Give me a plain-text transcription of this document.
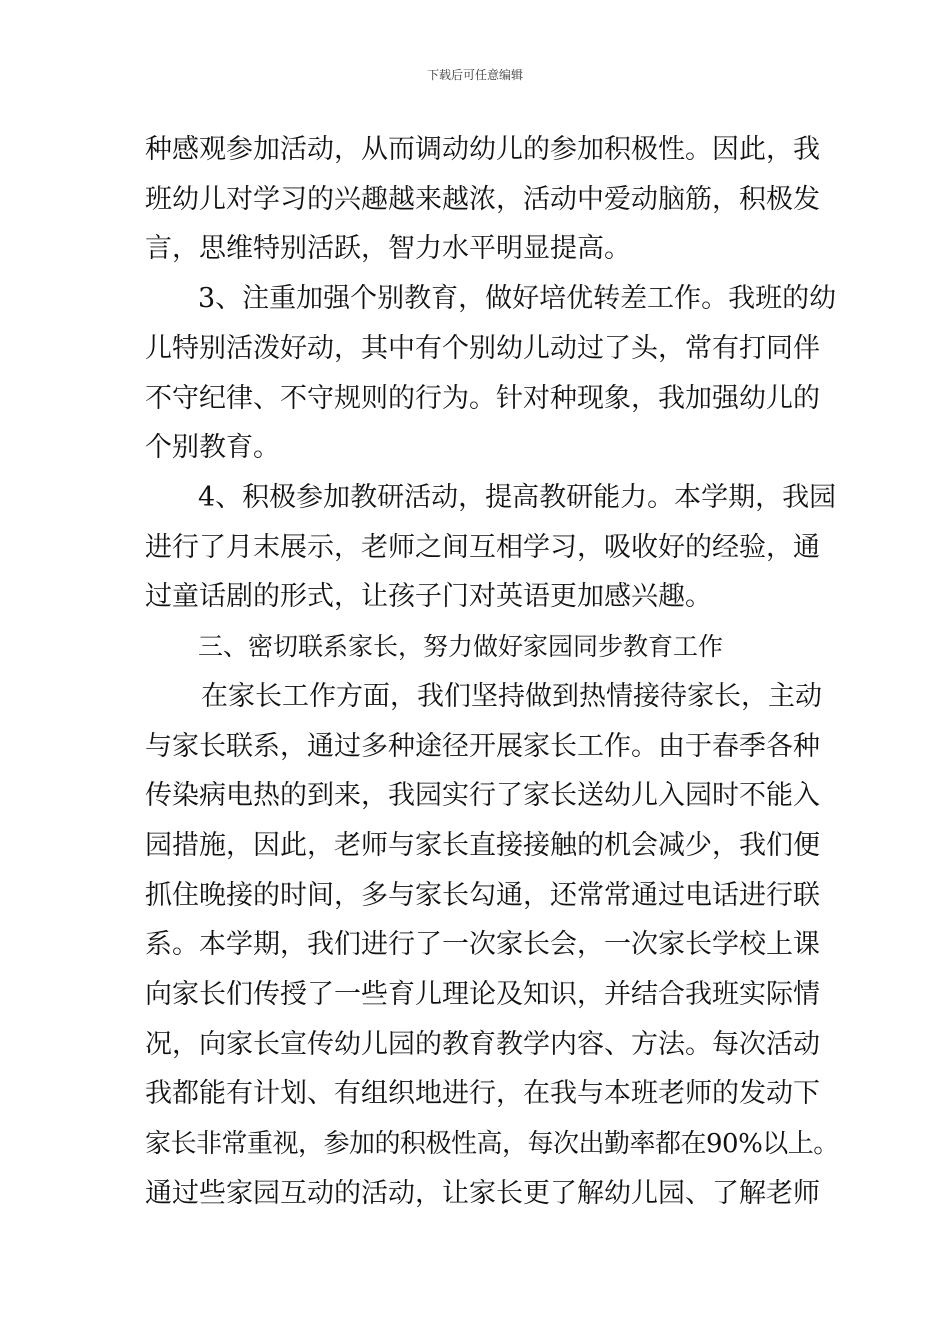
下载后可任意编辑
种感观参加活动，从而调动幼儿的参加积极性。因此，我
班幼儿对学习的兴趣越来越浓，活动中爱动脑筋，积极发
言，思维特别活跃，智力水平明显提高。
3、注重加强个别教育，做好培优转差工作。我班的幼
儿特别活泼好动，其中有个别幼儿动过了头，常有打同伴
不守纪律、不守规则的行为。针对种现象，我加强幼儿的
个别教育。
4、积极参加教研活动，提高教研能力。本学期，我园
进行了月末展示，老师之间互相学习，吸收好的经验，通
过童话剧的形式，让孩子门对英语更加感兴趣。
三、密切联系家长，努力做好家园同步教育工作
在家长工作方面，我们坚持做到热情接待家长，主动
与家长联系，通过多种途径开展家长工作。由于春季各种
传染病电热的到来，我园实行了家长送幼儿入园时不能入
园措施，因此，老师与家长直接接触的机会减少，我们便
抓住晚接的时间，多与家长勾通，还常常通过电话进行联
系。本学期，我们进行了一次家长会，一次家长学校上课
向家长们传授了一些育儿理论及知识，并结合我班实际情
况，向家长宣传幼儿园的教育教学内容、方法。每次活动
我都能有计划、有组织地进行，在我与本班老师的发动下
家长非常重视，参加的积极性高，每次出勤率都在90%以上。
通过些家园互动的活动，让家长更了解幼儿园、了解老师
